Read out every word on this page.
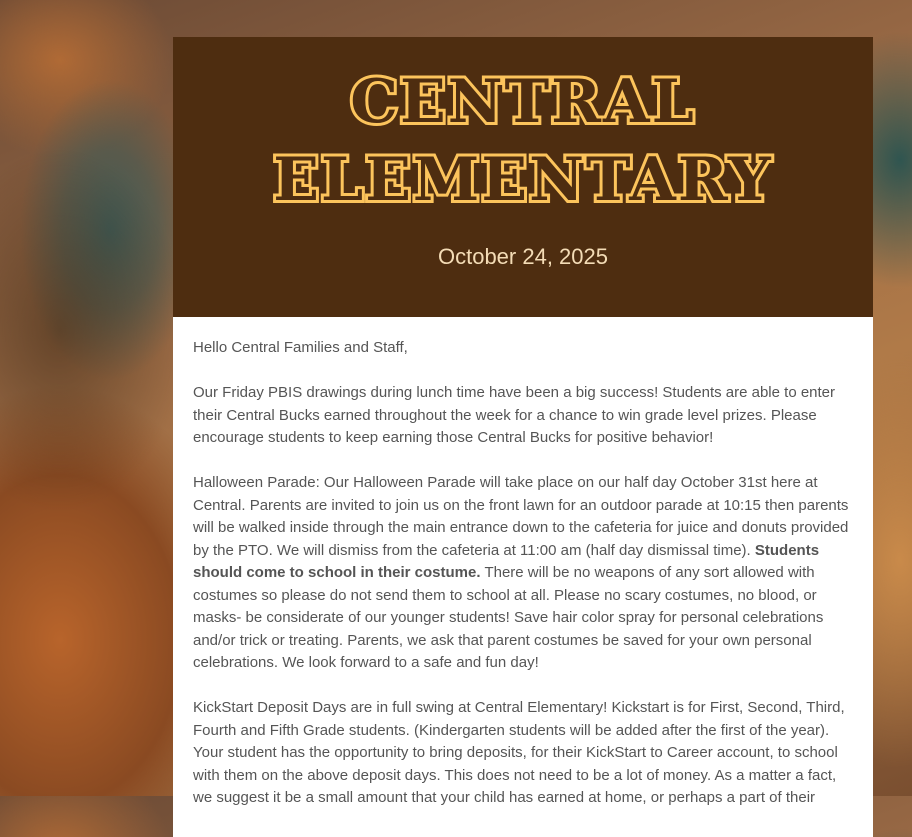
CENTRAL
ELEMENTARY
October 24, 2025

Hello Central Families and Staff,

Our Friday PBIS drawings during lunch time have been a big success! Students are able to enter their Central Bucks earned throughout the week for a chance to win grade level prizes. Please encourage students to keep earning those Central Bucks for positive behavior!

Halloween Parade: Our Halloween Parade will take place on our half day October 31st here at Central. Parents are invited to join us on the front lawn for an outdoor parade at 10:15 then parents will be walked inside through the main entrance down to the cafeteria for juice and donuts provided by the PTO. We will dismiss from the cafeteria at 11:00 am (half day dismissal time). Students should come to school in their costume. There will be no weapons of any sort allowed with costumes so please do not send them to school at all. Please no scary costumes, no blood, or masks- be considerate of our younger students! Save hair color spray for personal celebrations and/or trick or treating. Parents, we ask that parent costumes be saved for your own personal celebrations. We look forward to a safe and fun day!

KickStart Deposit Days are in full swing at Central Elementary! Kickstart is for First, Second, Third, Fourth and Fifth Grade students. (Kindergarten students will be added after the first of the year). Your student has the opportunity to bring deposits, for their KickStart to Career account, to school with them on the above deposit days. This does not need to be a lot of money. As a matter a fact, we suggest it be a small amount that your child has earned at home, or perhaps a part of their
